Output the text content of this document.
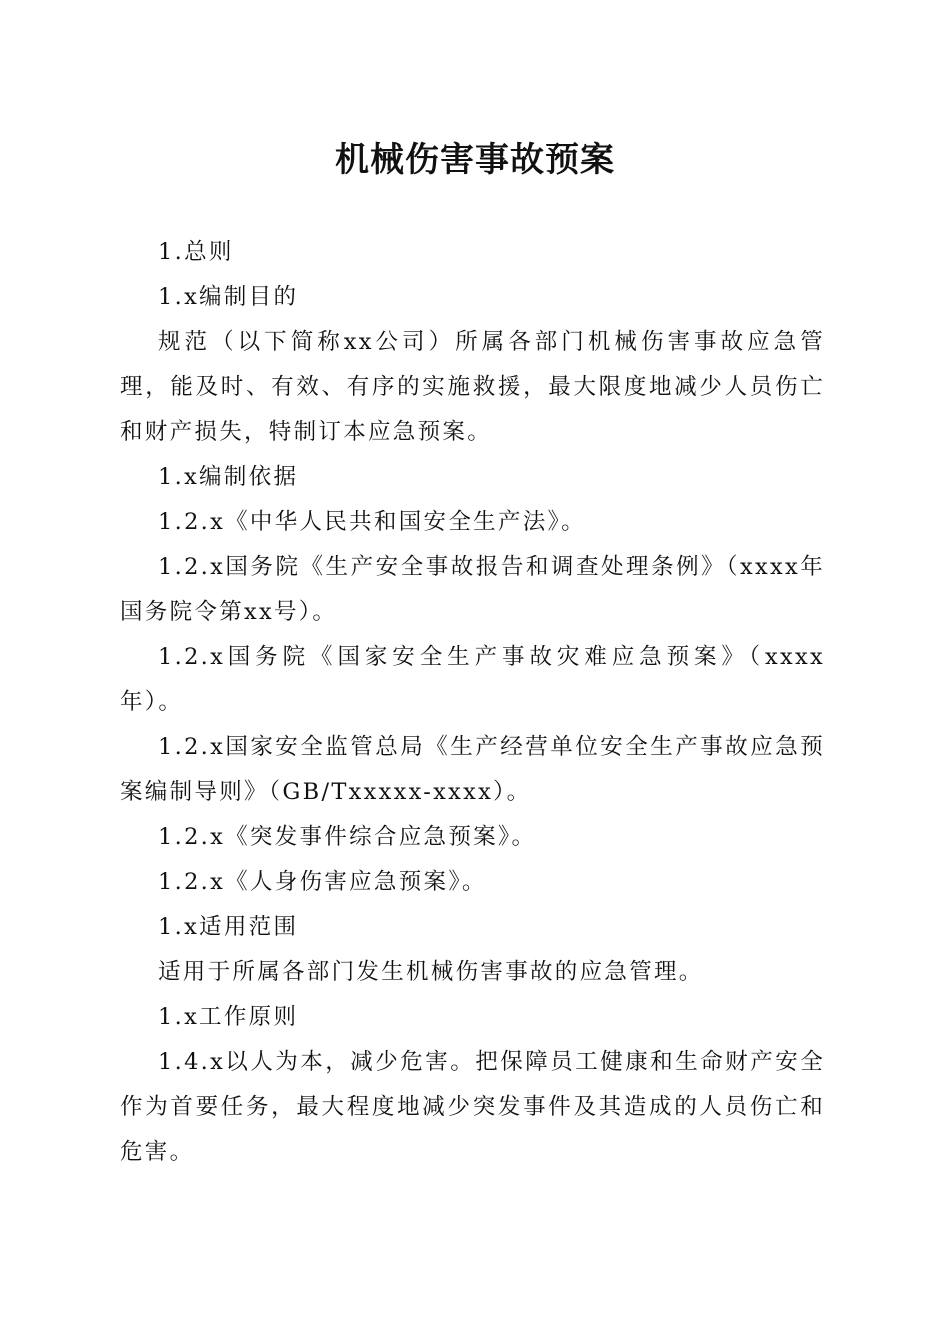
机械伤害事故预案

1.总则

1.x编制目的

规范（以下简称xx公司）所属各部门机械伤害事故应急管理，能及时、有效、有序的实施救援，最大限度地减少人员伤亡和财产损失，特制订本应急预案。

1.x编制依据

1.2.x《中华人民共和国安全生产法》。

1.2.x国务院《生产安全事故报告和调查处理条例》（xxxx年国务院令第xx号）。

1.2.x国务院《国家安全生产事故灾难应急预案》（xxxx年）。

1.2.x国家安全监管总局《生产经营单位安全生产事故应急预案编制导则》（GB/Txxxxx-xxxx）。

1.2.x《突发事件综合应急预案》。

1.2.x《人身伤害应急预案》。

1.x适用范围

适用于所属各部门发生机械伤害事故的应急管理。

1.x工作原则

1.4.x以人为本，减少危害。把保障员工健康和生命财产安全作为首要任务，最大程度地减少突发事件及其造成的人员伤亡和危害。
